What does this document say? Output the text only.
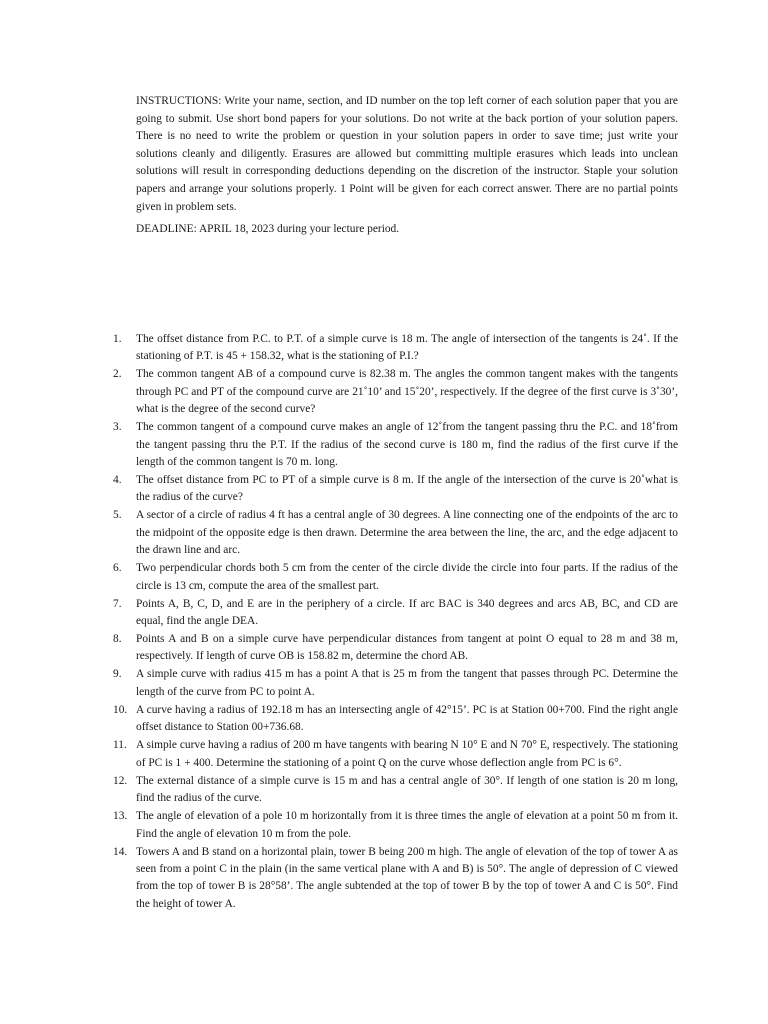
INSTRUCTIONS: Write your name, section, and ID number on the top left corner of each solution paper that you are going to submit. Use short bond papers for your solutions. Do not write at the back portion of your solution papers. There is no need to write the problem or question in your solution papers in order to save time; just write your solutions cleanly and diligently. Erasures are allowed but committing multiple erasures which leads into unclean solutions will result in corresponding deductions depending on the discretion of the instructor. Staple your solution papers and arrange your solutions properly. 1 Point will be given for each correct answer. There are no partial points given in problem sets.

DEADLINE: APRIL 18, 2023 during your lecture period.

1.	The offset distance from P.C. to P.T. of a simple curve is 18 m. The angle of intersection of the tangents is 24˚. If the stationing of P.T. is 45 + 158.32, what is the stationing of P.I.?
2.	The common tangent AB of a compound curve is 82.38 m. The angles the common tangent makes with the tangents through PC and PT of the compound curve are 21˚10’ and 15˚20’, respectively. If the degree of the first curve is 3˚30’, what is the degree of the second curve?
3.	The common tangent of a compound curve makes an angle of 12˚from the tangent passing thru the P.C. and 18˚from the tangent passing thru the P.T. If the radius of the second curve is 180 m, find the radius of the first curve if the length of the common tangent is 70 m. long.
4.	The offset distance from PC to PT of a simple curve is 8 m. If the angle of the intersection of the curve is 20˚what is the radius of the curve?
5.	A sector of a circle of radius 4 ft has a central angle of 30 degrees. A line connecting one of the endpoints of the arc to the midpoint of the opposite edge is then drawn. Determine the area between the line, the arc, and the edge adjacent to the drawn line and arc.
6.	Two perpendicular chords both 5 cm from the center of the circle divide the circle into four parts. If the radius of the circle is 13 cm, compute the area of the smallest part.
7.	Points A, B, C, D, and E are in the periphery of a circle. If arc BAC is 340 degrees and arcs AB, BC, and CD are equal, find the angle DEA.
8.	Points A and B on a simple curve have perpendicular distances from tangent at point O equal to 28 m and 38 m, respectively. If length of curve OB is 158.82 m, determine the chord AB.
9.	A simple curve with radius 415 m has a point A that is 25 m from the tangent that passes through PC. Determine the length of the curve from PC to point A.
10. A curve having a radius of 192.18 m has an intersecting angle of 42°15’. PC is at Station 00+700. Find the right angle offset distance to Station 00+736.68.
11. A simple curve having a radius of 200 m have tangents with bearing N 10° E and N 70° E, respectively. The stationing of PC is 1 + 400. Determine the stationing of a point Q on the curve whose deflection angle from PC is 6°.
12. The external distance of a simple curve is 15 m and has a central angle of 30°. If length of one station is 20 m long, find the radius of the curve.
13. The angle of elevation of a pole 10 m horizontally from it is three times the angle of elevation at a point 50 m from it. Find the angle of elevation 10 m from the pole.
14. Towers A and B stand on a horizontal plain, tower B being 200 m high. The angle of elevation of the top of tower A as seen from a point C in the plain (in the same vertical plane with A and B) is 50°. The angle of depression of C viewed from the top of tower B is 28°58’. The angle subtended at the top of tower B by the top of tower A and C is 50°. Find the height of tower A.
